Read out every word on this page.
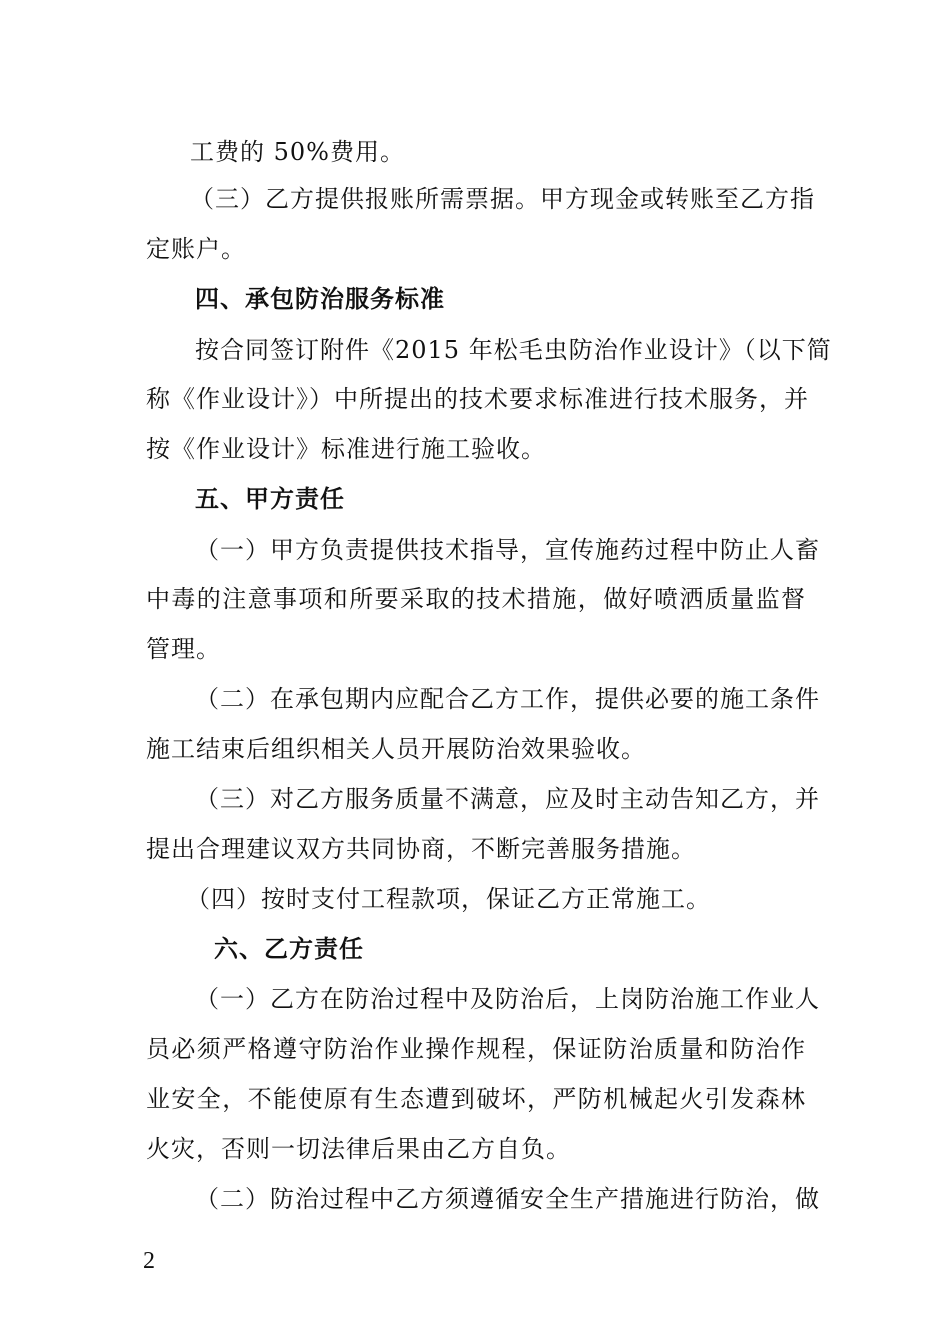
工费的 50%费用。
（三）乙方提供报账所需票据。甲方现金或转账至乙方指
定账户。
四、承包防治服务标准
按合同签订附件《2015 年松毛虫防治作业设计》（以下简
称《作业设计》）中所提出的技术要求标准进行技术服务，并
按《作业设计》标准进行施工验收。
五、甲方责任
（一）甲方负责提供技术指导，宣传施药过程中防止人畜
中毒的注意事项和所要采取的技术措施，做好喷洒质量监督
管理。
（二）在承包期内应配合乙方工作，提供必要的施工条件
施工结束后组织相关人员开展防治效果验收。
（三）对乙方服务质量不满意，应及时主动告知乙方，并
提出合理建议双方共同协商，不断完善服务措施。
（四）按时支付工程款项，保证乙方正常施工。
六、乙方责任
（一）乙方在防治过程中及防治后，上岗防治施工作业人
员必须严格遵守防治作业操作规程，保证防治质量和防治作
业安全，不能使原有生态遭到破坏，严防机械起火引发森林
火灾，否则一切法律后果由乙方自负。
（二）防治过程中乙方须遵循安全生产措施进行防治，做
2
